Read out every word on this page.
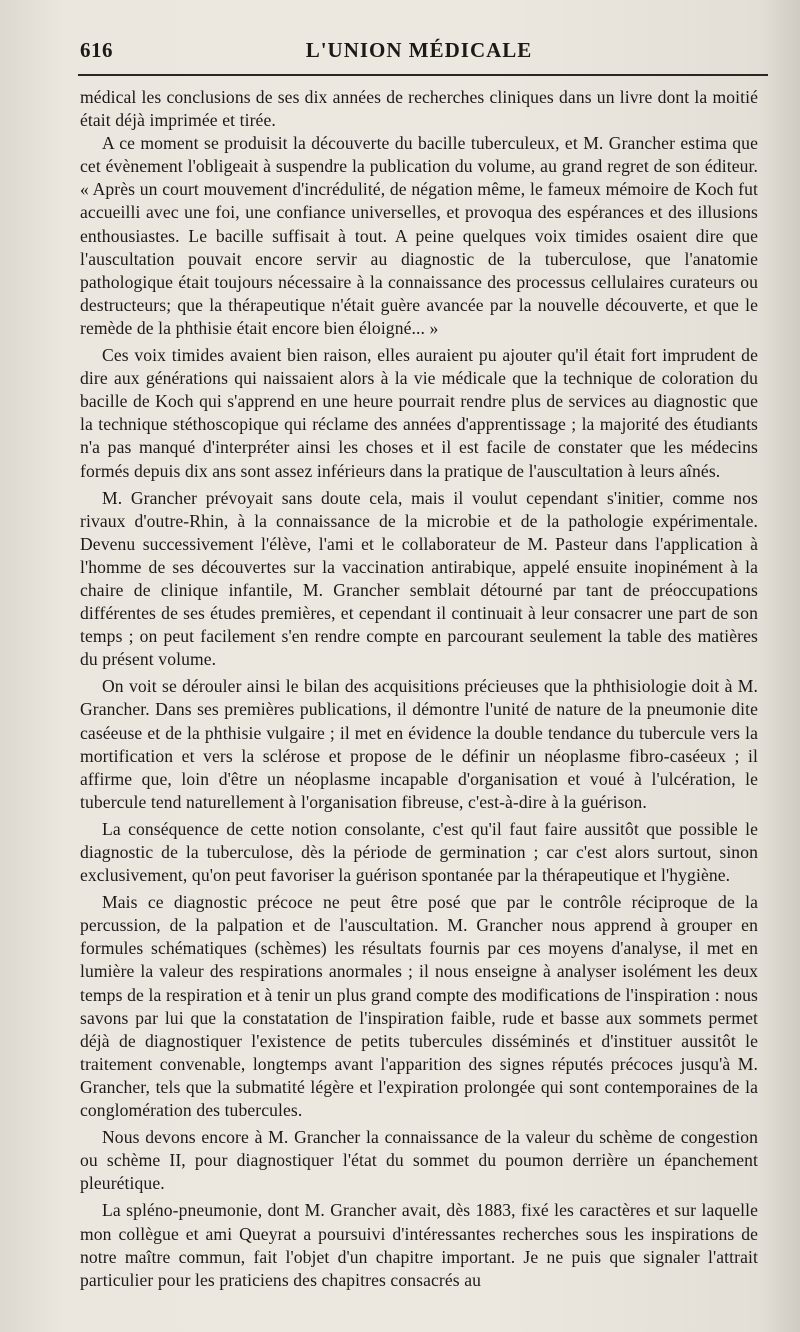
616	L'UNION MÉDICALE

médical les conclusions de ses dix années de recherches cliniques dans un livre dont la moitié était déjà imprimée et tirée.

A ce moment se produisit la découverte du bacille tuberculeux, et M. Grancher estima que cet évènement l'obligeait à suspendre la publication du volume, au grand regret de son éditeur. « Après un court mouvement d'incrédulité, de négation même, le fameux mémoire de Koch fut accueilli avec une foi, une confiance universelles, et provoqua des espérances et des illusions enthousiastes. Le bacille suffisait à tout. A peine quelques voix timides osaient dire que l'auscultation pouvait encore servir au diagnostic de la tuberculose, que l'anatomie pathologique était toujours nécessaire à la connaissance des processus cellulaires curateurs ou destructeurs; que la thérapeutique n'était guère avancée par la nouvelle découverte, et que le remède de la phthisie était encore bien éloigné... »

Ces voix timides avaient bien raison, elles auraient pu ajouter qu'il était fort imprudent de dire aux générations qui naissaient alors à la vie médicale que la technique de coloration du bacille de Koch qui s'apprend en une heure pourrait rendre plus de services au diagnostic que la technique stéthoscopique qui réclame des années d'apprentissage ; la majorité des étudiants n'a pas manqué d'interpréter ainsi les choses et il est facile de constater que les médecins formés depuis dix ans sont assez inférieurs dans la pratique de l'auscultation à leurs aînés.

M. Grancher prévoyait sans doute cela, mais il voulut cependant s'initier, comme nos rivaux d'outre-Rhin, à la connaissance de la microbie et de la pathologie expérimentale. Devenu successivement l'élève, l'ami et le collaborateur de M. Pasteur dans l'application à l'homme de ses découvertes sur la vaccination antirabique, appelé ensuite inopinément à la chaire de clinique infantile, M. Grancher semblait détourné par tant de préoccupations différentes de ses études premières, et cependant il continuait à leur consacrer une part de son temps ; on peut facilement s'en rendre compte en parcourant seulement la table des matières du présent volume.

On voit se dérouler ainsi le bilan des acquisitions précieuses que la phthisiologie doit à M. Grancher. Dans ses premières publications, il démontre l'unité de nature de la pneumonie dite caséeuse et de la phthisie vulgaire ; il met en évidence la double tendance du tubercule vers la mortification et vers la sclérose et propose de le définir un néoplasme fibro-caséeux ; il affirme que, loin d'être un néoplasme incapable d'organisation et voué à l'ulcération, le tubercule tend naturellement à l'organisation fibreuse, c'est-à-dire à la guérison.

La conséquence de cette notion consolante, c'est qu'il faut faire aussitôt que possible le diagnostic de la tuberculose, dès la période de germination ; car c'est alors surtout, sinon exclusivement, qu'on peut favoriser la guérison spontanée par la thérapeutique et l'hygiène.

Mais ce diagnostic précoce ne peut être posé que par le contrôle réciproque de la percussion, de la palpation et de l'auscultation. M. Grancher nous apprend à grouper en formules schématiques (schèmes) les résultats fournis par ces moyens d'analyse, il met en lumière la valeur des respirations anormales ; il nous enseigne à analyser isolément les deux temps de la respiration et à tenir un plus grand compte des modifications de l'inspiration : nous savons par lui que la constatation de l'inspiration faible, rude et basse aux sommets permet déjà de diagnostiquer l'existence de petits tubercules disséminés et d'instituer aussitôt le traitement convenable, longtemps avant l'apparition des signes réputés précoces jusqu'à M. Grancher, tels que la submatité légère et l'expiration prolongée qui sont contemporaines de la conglomération des tubercules.

Nous devons encore à M. Grancher la connaissance de la valeur du schème de congestion ou schème II, pour diagnostiquer l'état du sommet du poumon derrière un épanchement pleurétique.

La spléno-pneumonie, dont M. Grancher avait, dès 1883, fixé les caractères et sur laquelle mon collègue et ami Queyrat a poursuivi d'intéressantes recherches sous les inspirations de notre maître commun, fait l'objet d'un chapitre important. Je ne puis que signaler l'attrait particulier pour les praticiens des chapitres consacrés au
